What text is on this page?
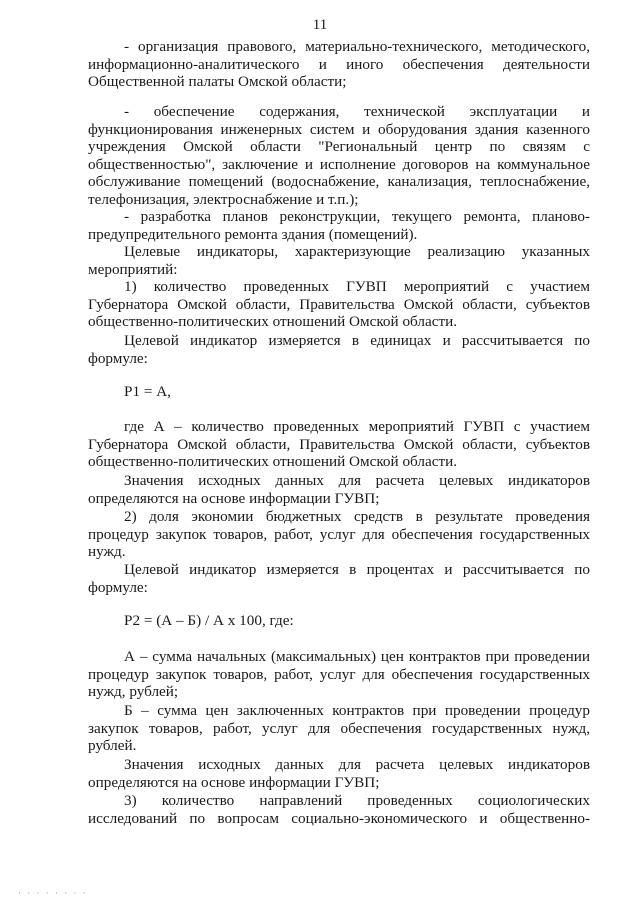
11

- организация правового, материально-технического, методического, информационно-аналитического и иного обеспечения деятельности Общественной палаты Омской области;

- обеспечение содержания, технической эксплуатации и функционирования инженерных систем и оборудования здания казенного учреждения Омской области "Региональный центр по связям с общественностью", заключение и исполнение договоров на коммунальное обслуживание помещений (водоснабжение, канализация, теплоснабжение, телефонизация, электроснабжение и т.п.);

- разработка планов реконструкции, текущего ремонта, планово-предупредительного ремонта здания (помещений).

Целевые индикаторы, характеризующие реализацию указанных мероприятий:

1) количество проведенных ГУВП мероприятий с участием Губернатора Омской области, Правительства Омской области, субъектов общественно-политических отношений Омской области.

Целевой индикатор измеряется в единицах и рассчитывается по формуле:

Р1 = А,

где А – количество проведенных мероприятий ГУВП с участием Губернатора Омской области, Правительства Омской области, субъектов общественно-политических отношений Омской области.

Значения исходных данных для расчета целевых индикаторов определяются на основе информации ГУВП;

2) доля экономии бюджетных средств в результате проведения процедур закупок товаров, работ, услуг для обеспечения государственных нужд.

Целевой индикатор измеряется в процентах и рассчитывается по формуле:

Р2 = (А – Б) / А х 100, где:

А – сумма начальных (максимальных) цен контрактов при проведении процедур закупок товаров, работ, услуг для обеспечения государственных нужд, рублей;

Б – сумма цен заключенных контрактов при проведении процедур закупок товаров, работ, услуг для обеспечения государственных нужд, рублей.

Значения исходных данных для расчета целевых индикаторов определяются на основе информации ГУВП;

3) количество направлений проведенных социологических исследований по вопросам социально-экономического и общественно-

· · · · · · · ·
